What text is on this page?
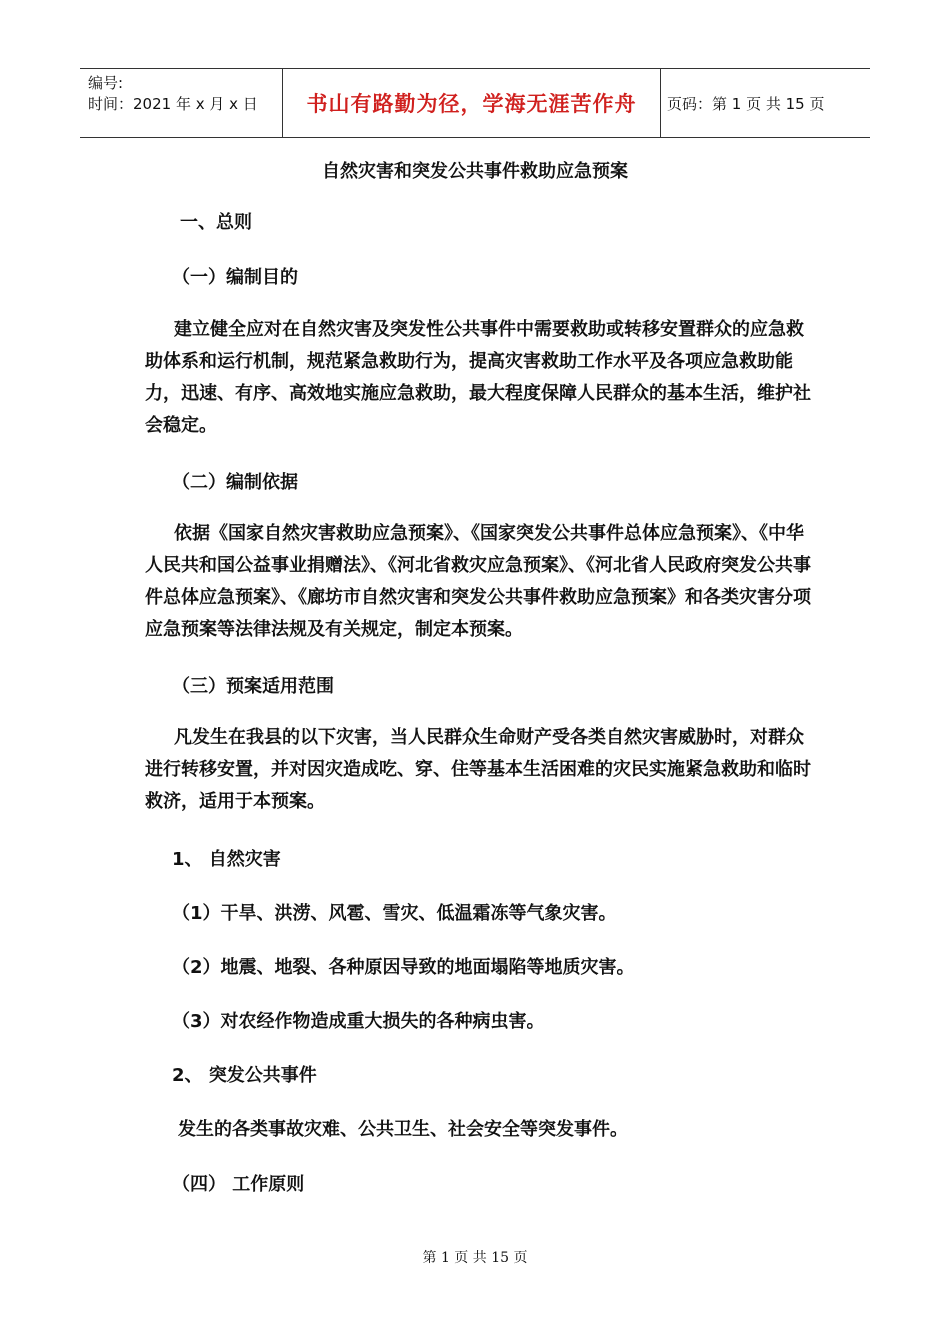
编号:
时间：2021 年 x 月 x 日	书山有路勤为径，学海无涯苦作舟	页码：第 1 页 共 15 页
自然灾害和突发公共事件救助应急预案
一、总则
（一）编制目的

建立健全应对在自然灾害及突发性公共事件中需要救助或转移安置群众的应急救助体系和运行机制，规范紧急救助行为，提高灾害救助工作水平及各项应急救助能力，迅速、有序、高效地实施应急救助，最大程度保障人民群众的基本生活，维护社会稳定。

（二）编制依据

依据《国家自然灾害救助应急预案》、《国家突发公共事件总体应急预案》、《中华人民共和国公益事业捐赠法》、《河北省救灾应急预案》、《河北省人民政府突发公共事件总体应急预案》、《廊坊市自然灾害和突发公共事件救助应急预案》和各类灾害分项应急预案等法律法规及有关规定，制定本预案。

（三）预案适用范围

凡发生在我县的以下灾害，当人民群众生命财产受各类自然灾害威胁时，对群众进行转移安置，并对因灾造成吃、穿、住等基本生活困难的灾民实施紧急救助和临时救济，适用于本预案。

1、 自然灾害
（1）干旱、洪涝、风雹、雪灾、低温霜冻等气象灾害。
（2）地震、地裂、各种原因导致的地面塌陷等地质灾害。
（3）对农经作物造成重大损失的各种病虫害。
2、 突发公共事件

发生的各类事故灾难、公共卫生、社会安全等突发事件。

（四） 工作原则
第 1 页 共 15 页
